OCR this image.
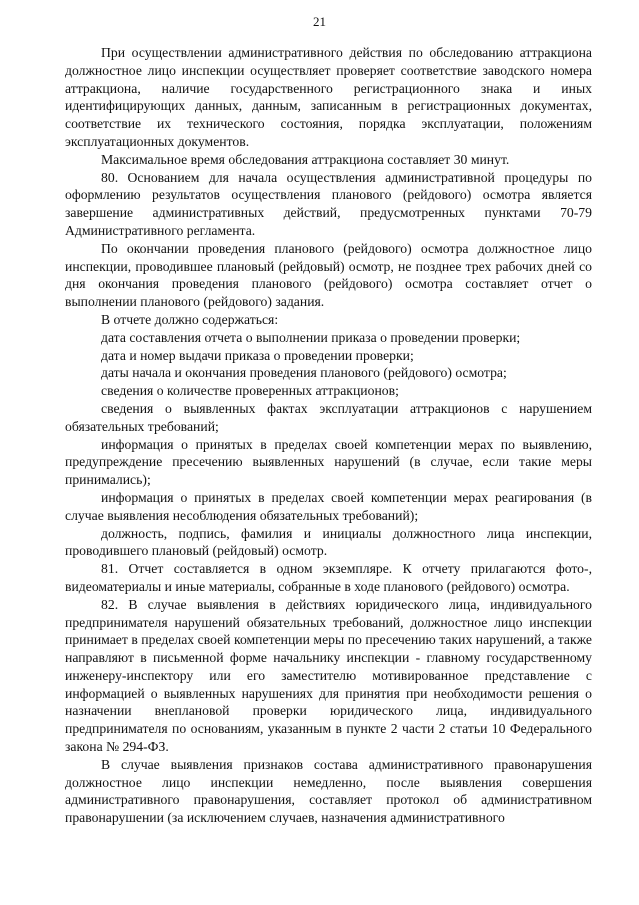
21

При осуществлении административного действия по обследованию аттракциона должностное лицо инспекции осуществляет проверяет соответствие заводского номера аттракциона, наличие государственного регистрационного знака и иных идентифицирующих данных, данным, записанным в регистрационных документах, соответствие их технического состояния, порядка эксплуатации, положениям эксплуатационных документов.

Максимальное время обследования аттракциона составляет 30 минут.

80. Основанием для начала осуществления административной процедуры по оформлению результатов осуществления планового (рейдового) осмотра является завершение административных действий, предусмотренных пунктами 70-79 Административного регламента.

По окончании проведения планового (рейдового) осмотра должностное лицо инспекции, проводившее плановый (рейдовый) осмотр, не позднее трех рабочих дней со дня окончания проведения планового (рейдового) осмотра составляет отчет о выполнении планового (рейдового) задания.

В отчете должно содержаться:

дата составления отчета о выполнении приказа о проведении проверки;

дата и номер выдачи приказа о проведении проверки;

даты начала и окончания проведения планового (рейдового) осмотра;

сведения о количестве проверенных аттракционов;

сведения о выявленных фактах эксплуатации аттракционов с нарушением обязательных требований;

информация о принятых в пределах своей компетенции мерах по выявлению, предупреждение пресечению выявленных нарушений (в случае, если такие меры принимались);

информация о принятых в пределах своей компетенции мерах реагирования (в случае выявления несоблюдения обязательных требований);

должность, подпись, фамилия и инициалы должностного лица инспекции, проводившего плановый (рейдовый) осмотр.

81. Отчет составляется в одном экземпляре. К отчету прилагаются фото-, видеоматериалы и иные материалы, собранные в ходе планового (рейдового) осмотра.

82. В случае выявления в действиях юридического лица, индивидуального предпринимателя нарушений обязательных требований, должностное лицо инспекции принимает в пределах своей компетенции меры по пресечению таких нарушений, а также направляют в письменной форме начальнику инспекции - главному государственному инженеру-инспектору или его заместителю мотивированное представление с информацией о выявленных нарушениях для принятия при необходимости решения о назначении внеплановой проверки юридического лица, индивидуального предпринимателя по основаниям, указанным в пункте 2 части 2 статьи 10 Федерального закона № 294-ФЗ.

В случае выявления признаков состава административного правонарушения должностное лицо инспекции немедленно, после выявления совершения административного правонарушения, составляет протокол об административном правонарушении (за исключением случаев, назначения административного
